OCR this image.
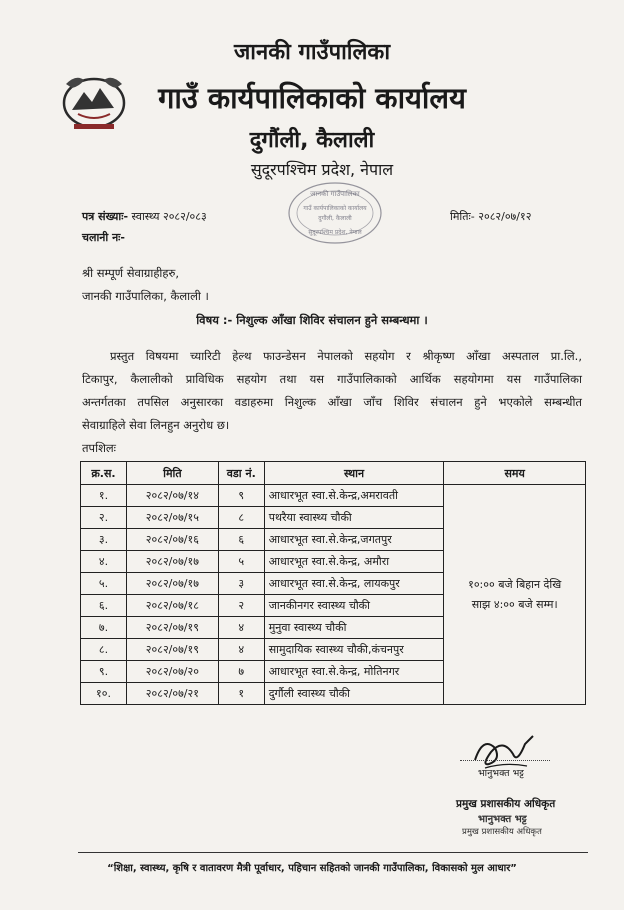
जानकी गाउँपालिका
गाउँ कार्यपालिकाको कार्यालय
दुगौंली, कैलाली
सुदूरपश्चिम प्रदेश, नेपाल
जानकी गाउँपालिका
गाउँ कार्यपालिकाको कार्यालय
दुगौंली, कैलाली
सुदूरपश्चिम प्रदेश, नेपाल
पत्र संख्याः- स्वास्थ्य २०८२/०८३
चलानी नः-
मितिः- २०८२/०७/१२
श्री सम्पूर्ण सेवाग्राहीहरु,
जानकी गाउँपालिका, कैलाली ।
विषय :- निशुल्क आँखा शिविर संचालन हुने सम्बन्धमा ।
प्रस्तुत विषयमा च्यारिटी हेल्थ फाउन्डेसन नेपालको सहयोग र श्रीकृष्ण आँखा अस्पताल प्रा.लि.,
टिकापुर, कैलालीको प्राविधिक सहयोग तथा यस गाउँपालिकाको आर्थिक सहयोगमा यस गाउँपालिका
अन्तर्गतका तपसिल अनुसारका वडाहरुमा निशुल्क आँखा जाँच शिविर संचालन हुने भएकोले सम्बन्धीत
सेवाग्राहिले सेवा लिनहुन अनुरोध छ।
तपशिलः
क्र.स.	मिति	वडा नं.	स्थान	समय
१.	२०८२/०७/१४	९	आधारभूत स्वा.से.केन्द्र,अमरावती	१०:०० बजे बिहान देखि
साझ ४:०० बजे सम्म।
२.	२०८२/०७/१५	८	पथरैया स्वास्थ्य चौकी	
३.	२०८२/०७/१६	६	आधारभूत स्वा.से.केन्द्र,जगतपुर	
४.	२०८२/०७/१७	५	आधारभूत स्वा.से.केन्द्र, अमौरा	
५.	२०८२/०७/१७	३	आधारभूत स्वा.से.केन्द्र, लायकपुर	
६.	२०८२/०७/१८	२	जानकीनगर स्वास्थ्य चौकी	
७.	२०८२/०७/१९	४	मुनुवा स्वास्थ्य चौकी	
८.	२०८२/०७/१९	४	सामुदायिक स्वास्थ्य चौकी,कंचनपुर	
९.	२०८२/०७/२०	७	आधारभूत स्वा.से.केन्द्र, मोतिनगर	
१०.	२०८२/०७/२१	१	दुर्गौली स्वास्थ्य चौकी	
भानुभक्त भट्ट
प्रमुख प्रशासकीय अधिकृत
भानुभक्त भट्ट
प्रमुख प्रशासकीय अधिकृत
“शिक्षा, स्वास्थ्य, कृषि र वातावरण मैत्री पूर्वाधार, पहिचान सहितको जानकी गाउँपालिका, विकासको मुल आधार”
